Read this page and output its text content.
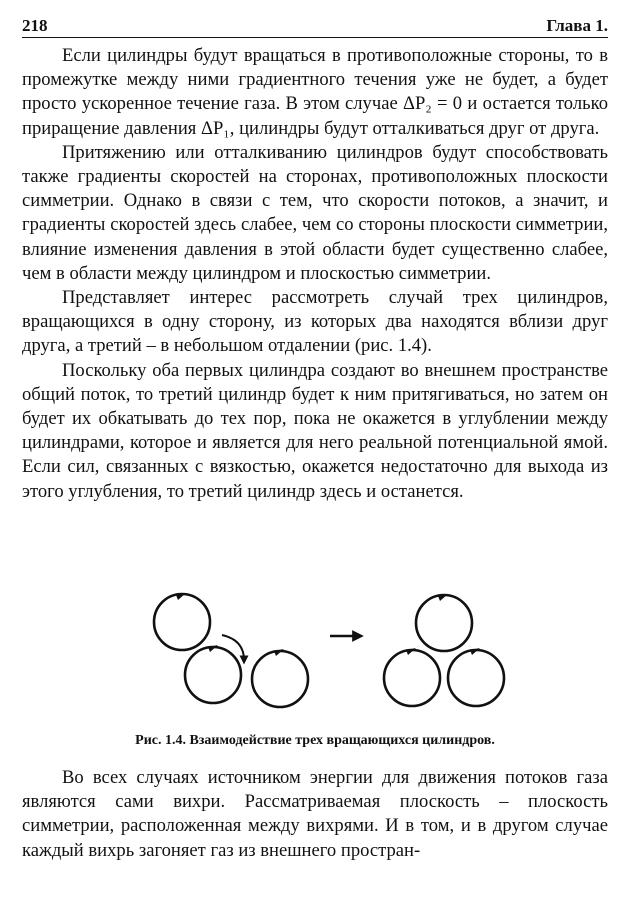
218	Глава 1.

Если цилиндры будут вращаться в противоположные стороны, то в промежутке между ними градиентного течения уже не будет, а будет просто ускоренное течение газа. В этом случае ΔP₂ = 0 и остается только приращение давления ΔP₁, цилиндры будут отталкиваться друг от друга.

Притяжению или отталкиванию цилиндров будут способствовать также градиенты скоростей на сторонах, противоположных плоскости симметрии. Однако в связи с тем, что скорости потоков, а значит, и градиенты скоростей здесь слабее, чем со стороны плоскости симметрии, влияние изменения давления в этой области будет существенно слабее, чем в области между цилиндром и плоскостью симметрии.

Представляет интерес рассмотреть случай трех цилиндров, вращающихся в одну сторону, из которых два находятся вблизи друг друга, а третий – в небольшом отдалении (рис. 1.4).

Поскольку оба первых цилиндра создают во внешнем пространстве общий поток, то третий цилиндр будет к ним притягиваться, но затем он будет их обкатывать до тех пор, пока не окажется в углублении между цилиндрами, которое и является для него реальной потенциальной ямой. Если сил, связанных с вязкостью, окажется недостаточно для выхода из этого углубления, то третий цилиндр здесь и останется.

Рис. 1.4. Взаимодействие трех вращающихся цилиндров.

Во всех случаях источником энергии для движения потоков газа являются сами вихри. Рассматриваемая плоскость – плоскость симметрии, расположенная между вихрями. И в том, и в другом случае каждый вихрь загоняет газ из внешнего простран-
